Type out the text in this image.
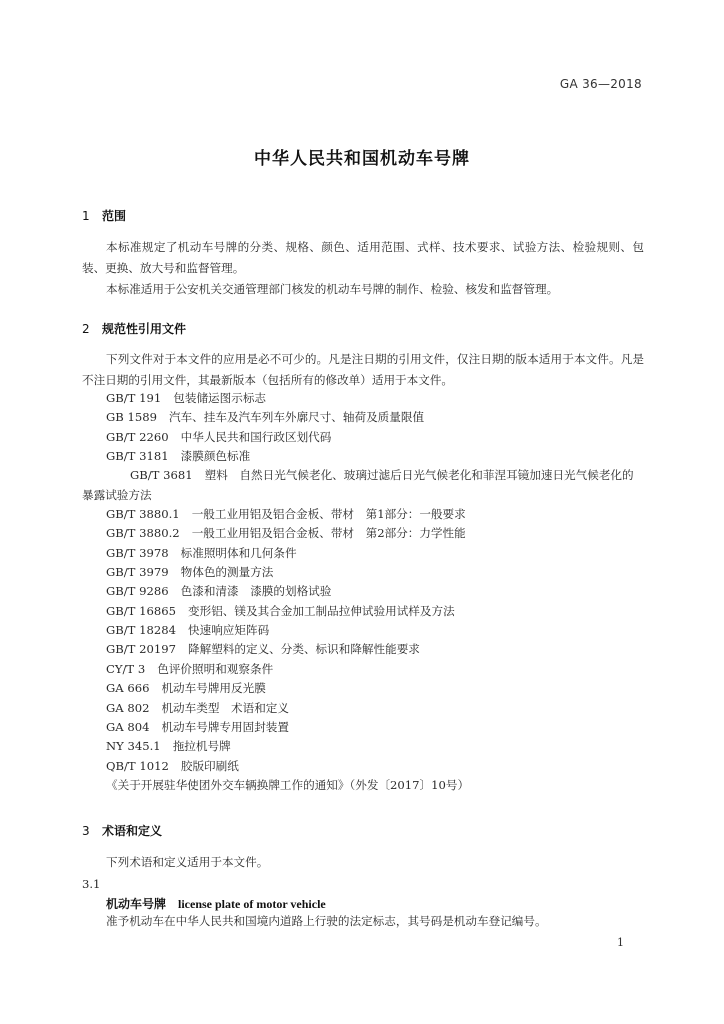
GA 36—2018
中华人民共和国机动车号牌
1 范围
本标准规定了机动车号牌的分类、规格、颜色、适用范围、式样、技术要求、试验方法、检验规则、包装、更换、放大号和监督管理。
本标准适用于公安机关交通管理部门核发的机动车号牌的制作、检验、核发和监督管理。
2 规范性引用文件
下列文件对于本文件的应用是必不可少的。凡是注日期的引用文件，仅注日期的版本适用于本文件。凡是不注日期的引用文件，其最新版本（包括所有的修改单）适用于本文件。
GB/T 191 包装储运图示标志
GB 1589 汽车、挂车及汽车列车外廓尺寸、轴荷及质量限值
GB/T 2260 中华人民共和国行政区划代码
GB/T 3181 漆膜颜色标准
GB/T 3681 塑料　自然日光气候老化、玻璃过滤后日光气候老化和菲涅耳镜加速日光气候老化的暴露试验方法
GB/T 3880.1 一般工业用铝及铝合金板、带材　第1部分：一般要求
GB/T 3880.2 一般工业用铝及铝合金板、带材　第2部分：力学性能
GB/T 3978 标准照明体和几何条件
GB/T 3979 物体色的测量方法
GB/T 9286 色漆和清漆　漆膜的划格试验
GB/T 16865 变形铝、镁及其合金加工制品拉伸试验用试样及方法
GB/T 18284 快速响应矩阵码
GB/T 20197 降解塑料的定义、分类、标识和降解性能要求
CY/T 3 色评价照明和观察条件
GA 666 机动车号牌用反光膜
GA 802 机动车类型　术语和定义
GA 804 机动车号牌专用固封装置
NY 345.1 拖拉机号牌
QB/T 1012 胶版印刷纸
《关于开展驻华使团外交车辆换牌工作的通知》（外发〔2017〕10号）
3 术语和定义
下列术语和定义适用于本文件。
3.1
机动车号牌 license plate of motor vehicle
准予机动车在中华人民共和国境内道路上行驶的法定标志，其号码是机动车登记编号。
1
